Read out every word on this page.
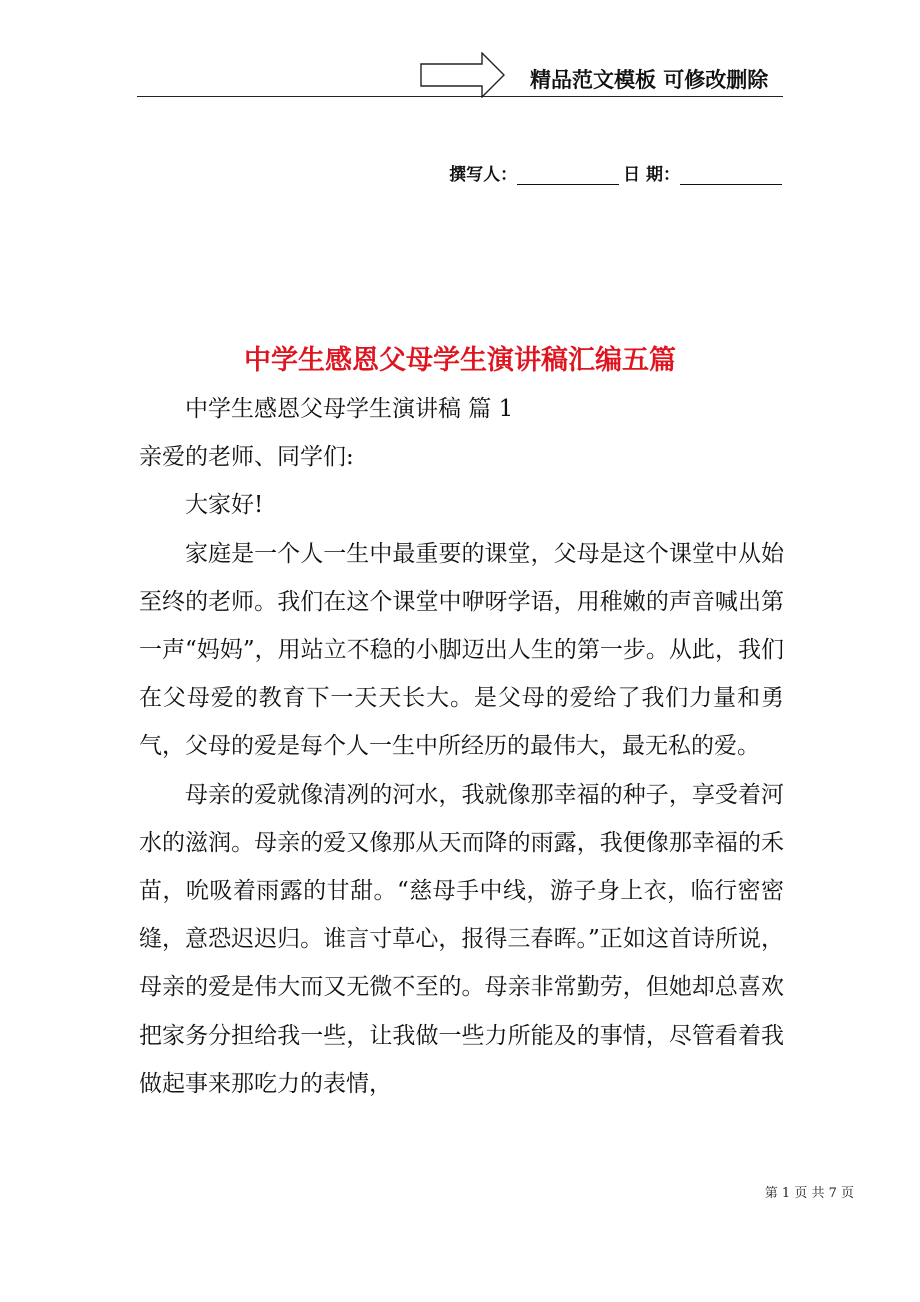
精品范文模板 可修改删除
撰写人：	日 期：
中学生感恩父母学生演讲稿汇编五篇

中学生感恩父母学生演讲稿 篇 1

亲爱的老师、同学们:

大家好!

家庭是一个人一生中最重要的课堂，父母是这个课堂中从始至终的老师。我们在这个课堂中咿呀学语，用稚嫩的声音喊出第一声“妈妈”，用站立不稳的小脚迈出人生的第一步。从此，我们在父母爱的教育下一天天长大。是父母的爱给了我们力量和勇气，父母的爱是每个人一生中所经历的最伟大，最无私的爱。

母亲的爱就像清冽的河水，我就像那幸福的种子，享受着河水的滋润。母亲的爱又像那从天而降的雨露，我便像那幸福的禾苗，吮吸着雨露的甘甜。“慈母手中线，游子身上衣，临行密密缝，意恐迟迟归。谁言寸草心，报得三春晖。”正如这首诗所说，母亲的爱是伟大而又无微不至的。母亲非常勤劳，但她却总喜欢把家务分担给我一些，让我做一些力所能及的事情，尽管看着我做起事来那吃力的表情，

第 1 页 共 7 页
